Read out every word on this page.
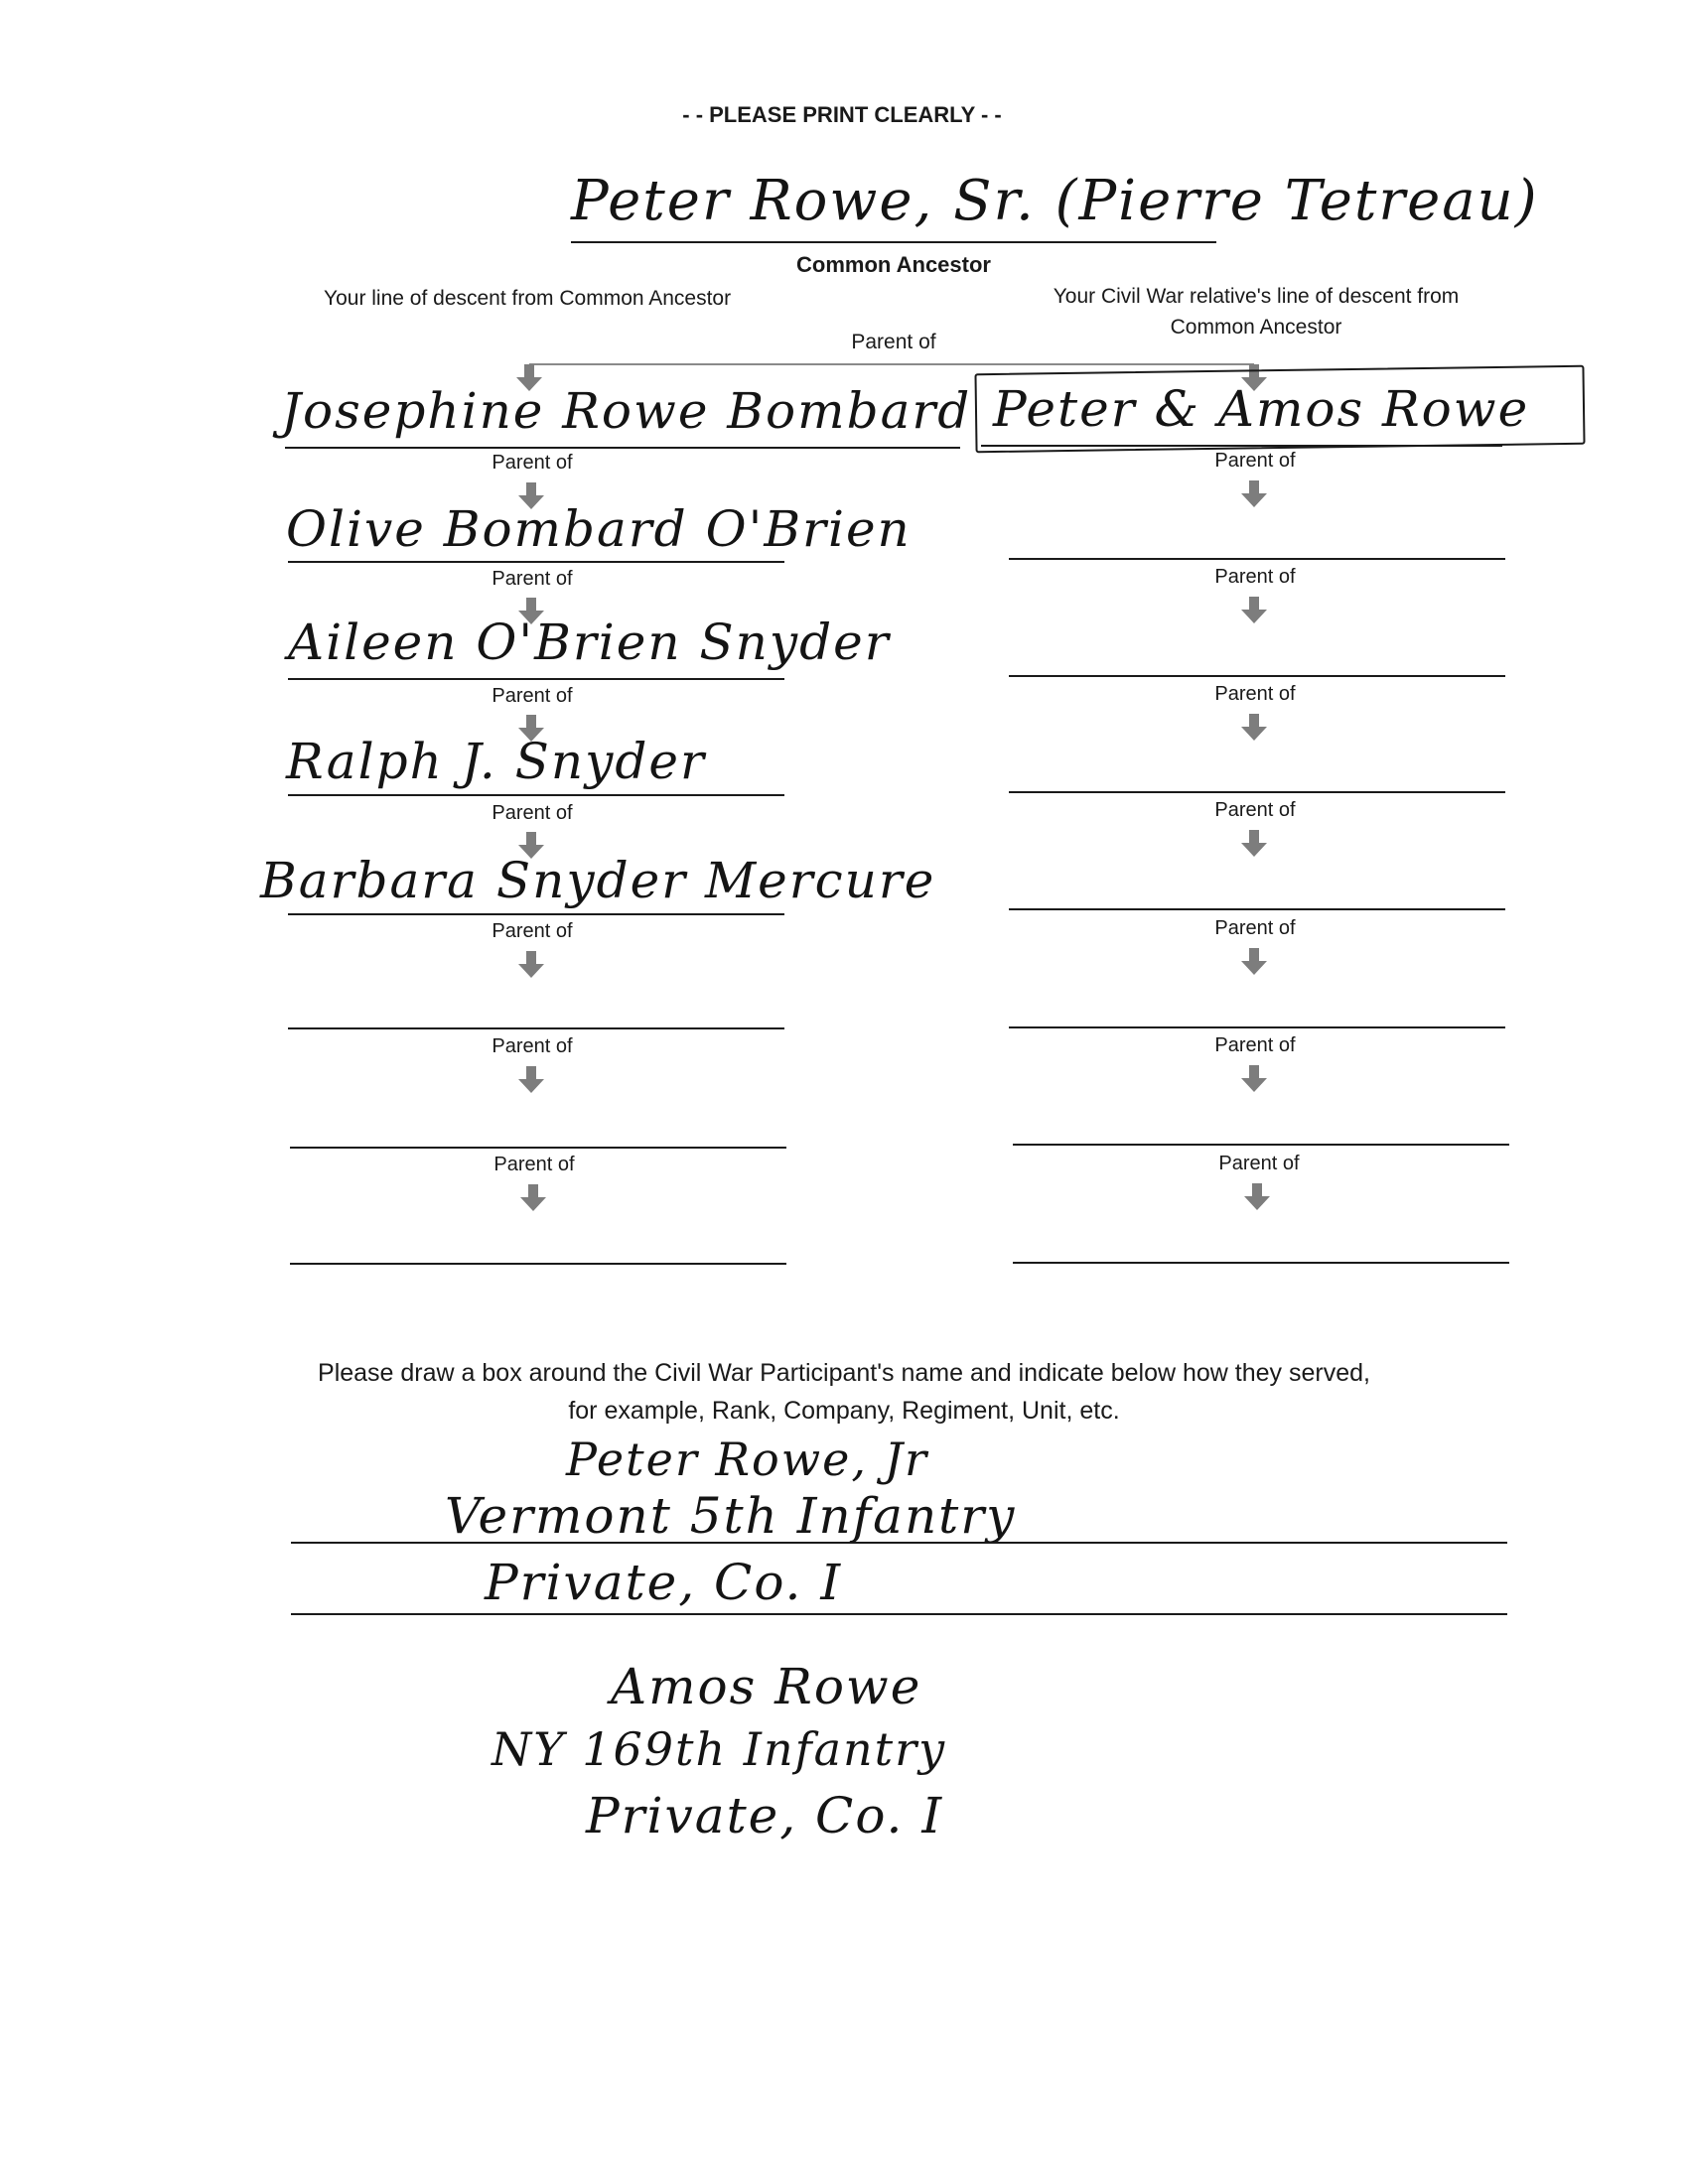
- - PLEASE PRINT CLEARLY - -
Peter Rowe, Sr. (Pierre Tetreau)
Common Ancestor
Your line of descent from Common Ancestor	Your Civil War relative's line of descent from
Common Ancestor
Parent of
Josephine Rowe Bombard
Parent of
Olive Bombard O'Brien
Parent of
Aileen O'Brien Snyder
Parent of
Ralph J. Snyder
Parent of
Barbara Snyder Mercure
Parent of
Parent of
Parent of
Peter & Amos Rowe
Parent of
Parent of
Parent of
Parent of
Parent of
Parent of
Parent of
Please draw a box around the Civil War Participant's name and indicate below how they served,
for example, Rank, Company, Regiment, Unit, etc.
Peter Rowe, Jr
Vermont 5th Infantry
Private, Co. I
Amos Rowe
NY 169th Infantry
Private, Co. I
